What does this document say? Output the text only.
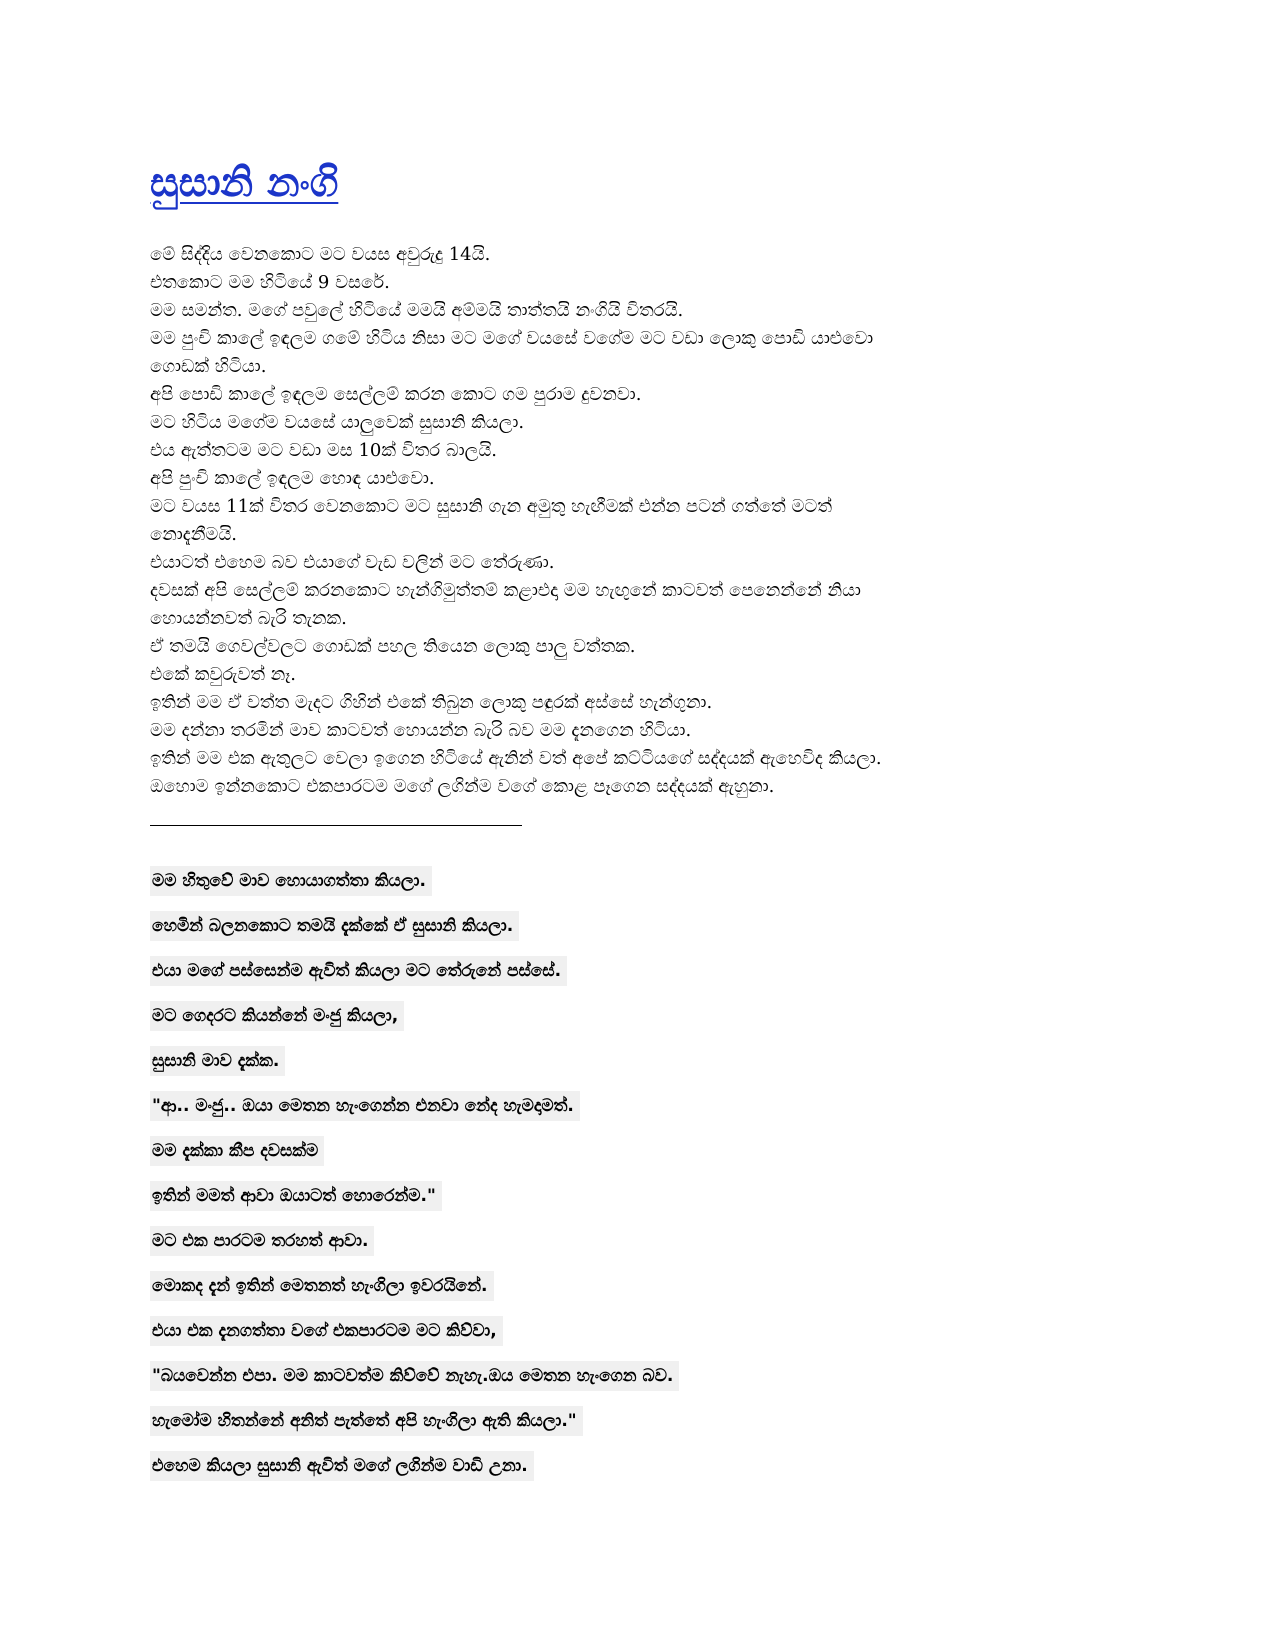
සුසානි නංගි
මේ සිද්දිය වෙනකොට මට වයස අවුරුදු 14යි.
එතකොට මම හිටියේ 9 වසරේ.
මම සමන්ත. මගේ පවුලේ හිටියේ මමයි අම්මයි තාත්තයි නංගියි විතරයි.
මම පුංචි කාලේ ඉඳලම ගමේ හිටිය නිසා මට මගේ වයසේ වගේම මට වඩා ලොකු පොඩි යාළුවො
ගොඩක් හිටියා.
අපි පොඩි කාලේ ඉඳලම සෙල්ලම් කරන කොට ගම පුරාම දුවනවා.
මට හිටිය මගේම වයසේ යාලුවෙක් සුසානි කියලා.
එය ඇත්තටම මට වඩා මස 10ක් විතර බාලයි.
අපි පුංචි කාලේ ඉඳලම හොඳ යාළුවො.
මට වයස 11ක් විතර වෙනකොට මට සුසානි ගැන අමුතු හැඟීමක් එන්න පටන් ගත්තේ මටත්
නොදැනීමයි.
එයාටත් එහෙම බව එයාගේ වැඩ වලින් මට තේරුණා.
දවසක් අපි සෙල්ලම් කරනකොට හැන්ගිමුත්තම් කළාඑදා මම හැඟුනේ කාටවත් පෙනෙන්නේ නියා
හොයන්නවත් බැරි තැනක.
ඒ තමයි ගෙවල්වලට ගොඩක් පහල තියෙන ලොකු පාලු වත්තක.
එකේ කවුරුවත් නෑ.
ඉතින් මම ඒ වත්ත මැදට ගිහින් එකේ තිබුන ලොකු පඳුරක් අස්සේ හැන්ගුනා.
මම දන්නා තරමින් මාව කාටවත් හොයන්න බැරි බව මම දැනගෙන හිටියා.
ඉතින් මම එක ඇතුලට වෙලා ඉගෙන හිටියේ ඇනින් වත් අපේ කට්ටියගේ සද්දයක් ඇහෙවිද කියලා.
ඔහොම ඉන්නකොට එකපාරටම මගේ ලගින්ම වගේ කොළ පෑගෙන සද්දයක් ඇහුනා.
මම හිතුවේ මාව හොයාගත්තා කියලා.
හෙමින් බලනකොට තමයි දැක්කේ ඒ සුසානි කියලා.
එයා මගේ පස්සෙන්ම ඇවිත් කියලා මට තේරුනේ පස්සේ.
මට ගෙදරට කියන්නේ මංජු කියලා,
සුසානි මාව දැක්ක.
"ආ.. මංජු.. ඔයා මෙතන හැංගෙන්න එනවා නේද හැමදාමත්.
මම දැක්කා කීප දවසක්ම
ඉතින් මමත් ආවා ඔයාටත් හොරෙන්ම."
මට එක පාරටම තරහත් ආවා.
මොකද දැන් ඉතින් මෙතනත් හැංගිලා ඉවරයිනේ.
එයා එක දැනගත්තා වගේ එකපාරටම මට කිව්වා,
"බයවෙන්න එපා. මම කාටවත්ම කිව්වේ නැහැ.ඔය මෙතන හැංගෙන බව.
හැමෝම හිතන්නේ අනිත් පැත්තේ අපි හැංගිලා ඇති කියලා."
එහෙම කියලා සුසානි ඇවිත් මගේ ලගින්ම වාඩි උනා.
